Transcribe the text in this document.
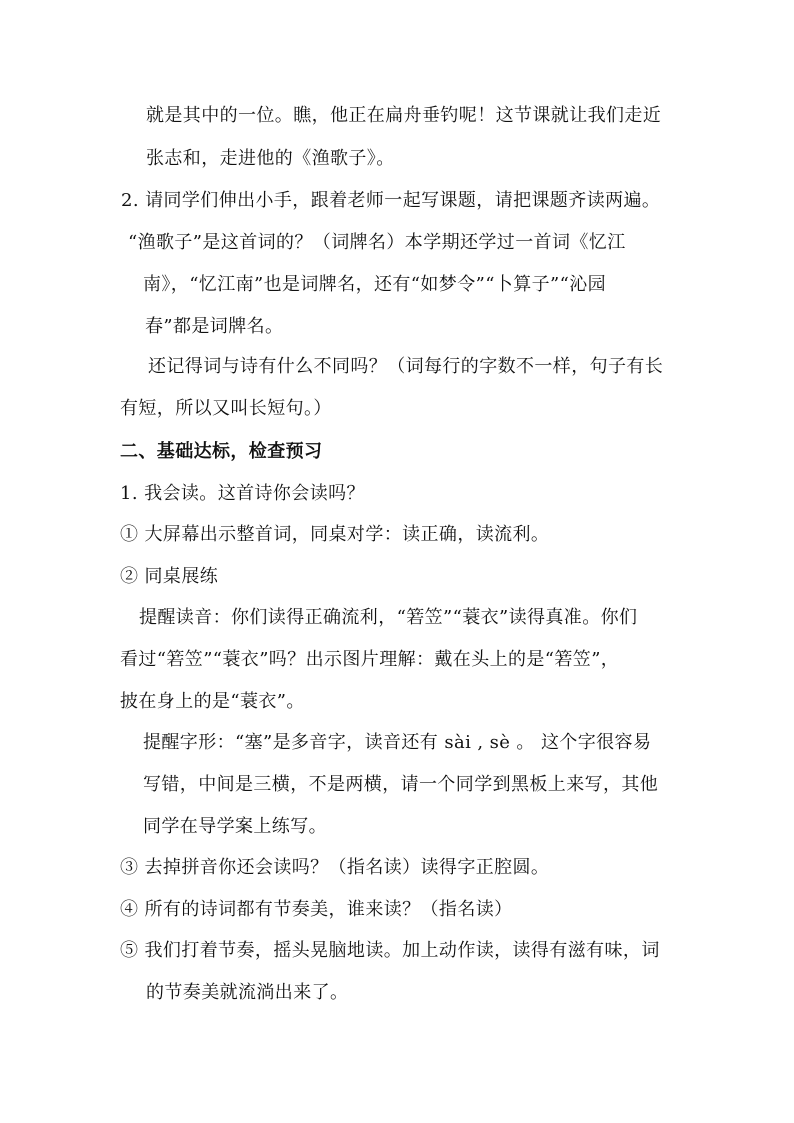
就是其中的一位。瞧，他正在扁舟垂钓呢！这节课就让我们走近
张志和，走进他的《渔歌子》。
2. 请同学们伸出小手，跟着老师一起写课题，请把课题齐读两遍。
“渔歌子”是这首词的？（词牌名）本学期还学过一首词《忆江
南》，“忆江南”也是词牌名，还有“如梦令”“卜算子”“沁园
春”都是词牌名。
还记得词与诗有什么不同吗？（词每行的字数不一样，句子有长
有短，所以又叫长短句。）
二、基础达标，检查预习
1. 我会读。这首诗你会读吗？
① 大屏幕出示整首词，同桌对学：读正确，读流利。
② 同桌展练
提醒读音：你们读得正确流利，“箬笠”“蓑衣”读得真准。你们
看过“箬笠”“蓑衣”吗？出示图片理解：戴在头上的是“箬笠”，
披在身上的是“蓑衣”。
提醒字形：“塞”是多音字，读音还有 sài , sè 。 这个字很容易
写错，中间是三横，不是两横，请一个同学到黑板上来写，其他
同学在导学案上练写。
③ 去掉拼音你还会读吗？（指名读）读得字正腔圆。
④ 所有的诗词都有节奏美，谁来读？（指名读）
⑤ 我们打着节奏，摇头晃脑地读。加上动作读，读得有滋有味，词
的节奏美就流淌出来了。
